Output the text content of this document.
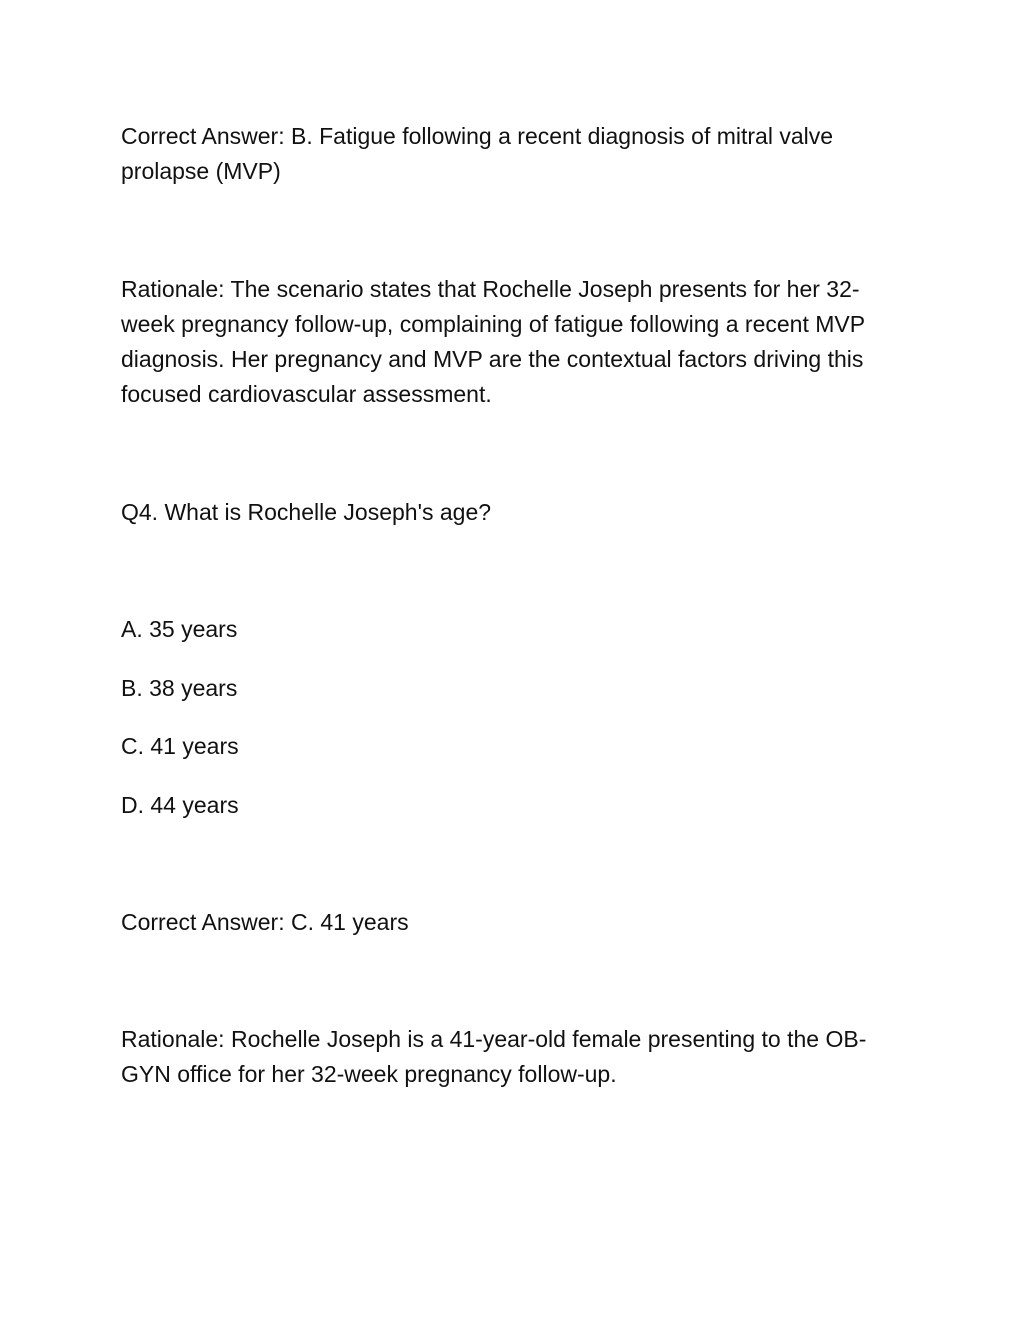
Correct Answer: B. Fatigue following a recent diagnosis of mitral valve prolapse (MVP)

Rationale: The scenario states that Rochelle Joseph presents for her 32-week pregnancy follow-up, complaining of fatigue following a recent MVP diagnosis. Her pregnancy and MVP are the contextual factors driving this focused cardiovascular assessment.

Q4. What is Rochelle Joseph's age?

A. 35 years

B. 38 years

C. 41 years

D. 44 years

Correct Answer: C. 41 years

Rationale: Rochelle Joseph is a 41-year-old female presenting to the OB-GYN office for her 32-week pregnancy follow-up.
